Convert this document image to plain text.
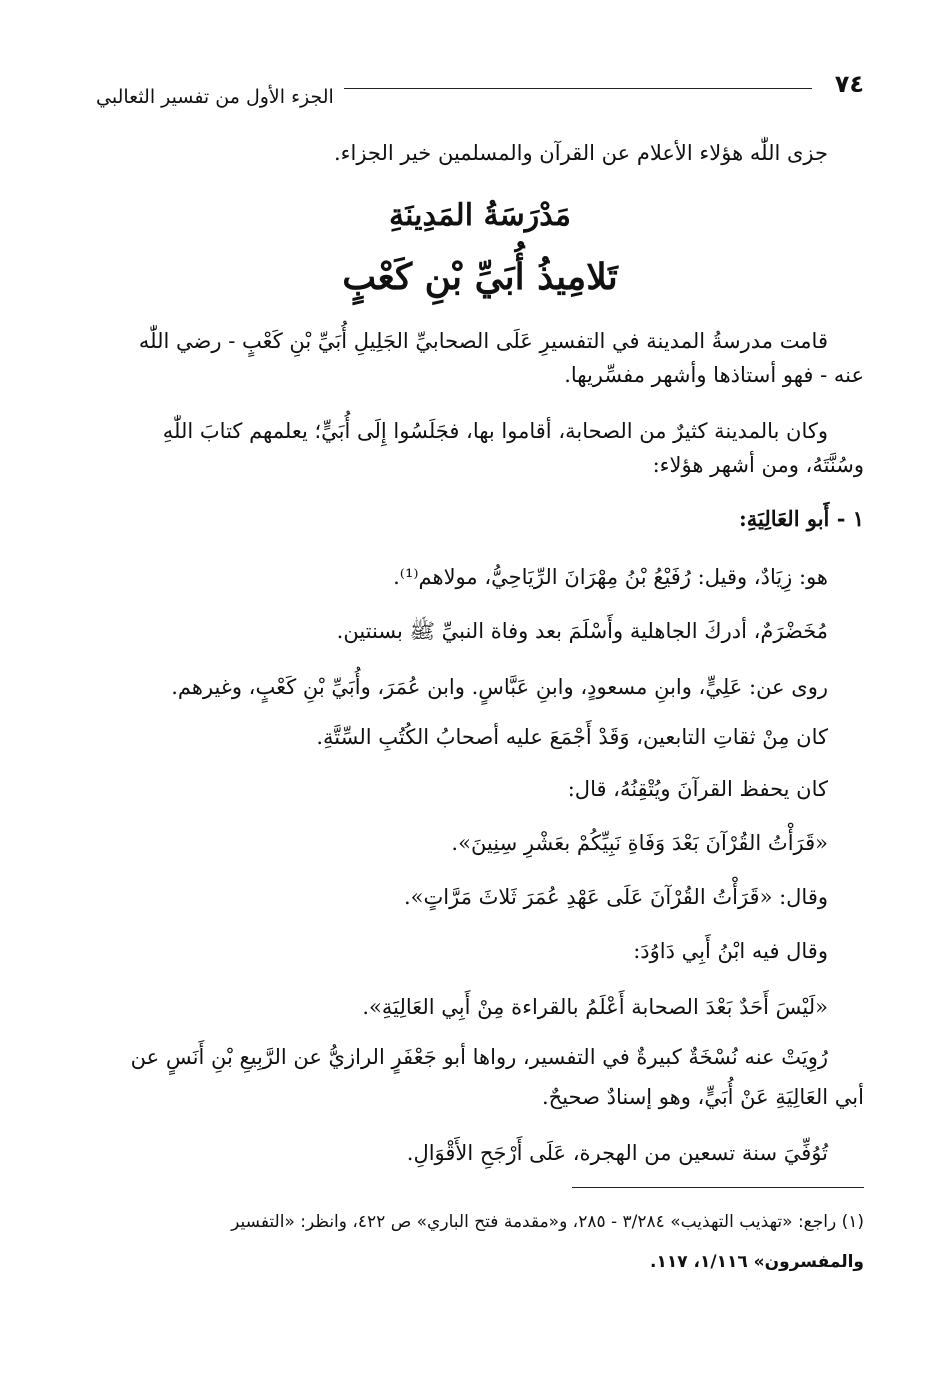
٧٤
الجزء الأول من تفسير الثعالبي
جزى اللّٰه هؤلاء الأعلام عن القرآن والمسلمين خير الجزاء.
مَدْرَسَةُ المَدِينَةِ
تَلامِيذُ أُبَيِّ بْنِ كَعْبٍ
قامت مدرسةُ المدينة في التفسيرِ عَلَى الصحابيِّ الجَلِيلِ أُبَيِّ بْنِ كَعْبٍ - رضي اللّٰه
عنه - فهو أستاذها وأشهر مفسِّريها.
وكان بالمدينة كثيرٌ من الصحابة، أقاموا بها، فجَلَسُوا إِلَى أُبَيٍّ؛ يعلمهم كتابَ اللّٰهِ
وسُنَّتَهُ، ومن أشهر هؤلاء:
١ - أَبو العَالِيَةِ:
هو: زِيَادٌ، وقيل: رُفَيْعُ بْنُ مِهْرَانَ الرِّيَاحِيُّ، مولاهم⁽¹⁾.
مُخَضْرَمٌ، أدركَ الجاهلية وأَسْلَمَ بعد وفاة النبيِّ ﷺ بسنتين.
روى عن: عَلِيٍّ، وابنِ مسعودٍ، وابنِ عَبَّاسٍ. وابن عُمَرَ، وأُبَيِّ بْنِ كَعْبٍ، وغيرهم.
كان مِنْ ثقاتِ التابعين، وَقَدْ أَجْمَعَ عليه أصحابُ الكُتُبِ السِّتَّةِ.
كان يحفظ القرآنَ ويُتْقِنُهُ، قال:
«قَرَأْتُ القُرْآنَ بَعْدَ وَفَاةِ نَبِيِّكُمْ بعَشْرِ سِنِينَ».
وقال: «قَرَأْتُ القُرْآنَ عَلَى عَهْدِ عُمَرَ ثَلاثَ مَرَّاتٍ».
وقال فيه ابْنُ أَبِي دَاوُدَ:
«لَيْسَ أَحَدٌ بَعْدَ الصحابة أَعْلَمُ بالقراءة مِنْ أَبِي العَالِيَةِ».
رُوِيَتْ عنه نُسْخَةٌ كبيرةٌ في التفسير، رواها أبو جَعْفَرٍ الرازيُّ عن الرَّبِيعِ بْنِ أَنَسٍ عن
أبي العَالِيَةِ عَنْ أُبَيٍّ، وهو إسنادٌ صحيحٌ.
تُوُفِّيَ سنة تسعين من الهجرة، عَلَى أَرْجَحِ الأَقْوَالِ.
(١) راجع: «تهذيب التهذيب» ٣/٢٨٤ - ٢٨٥، و«مقدمة فتح الباري» ص ٤٢٢، وانظر: «التفسير
والمفسرون» ١/١١٦، ١١٧.
